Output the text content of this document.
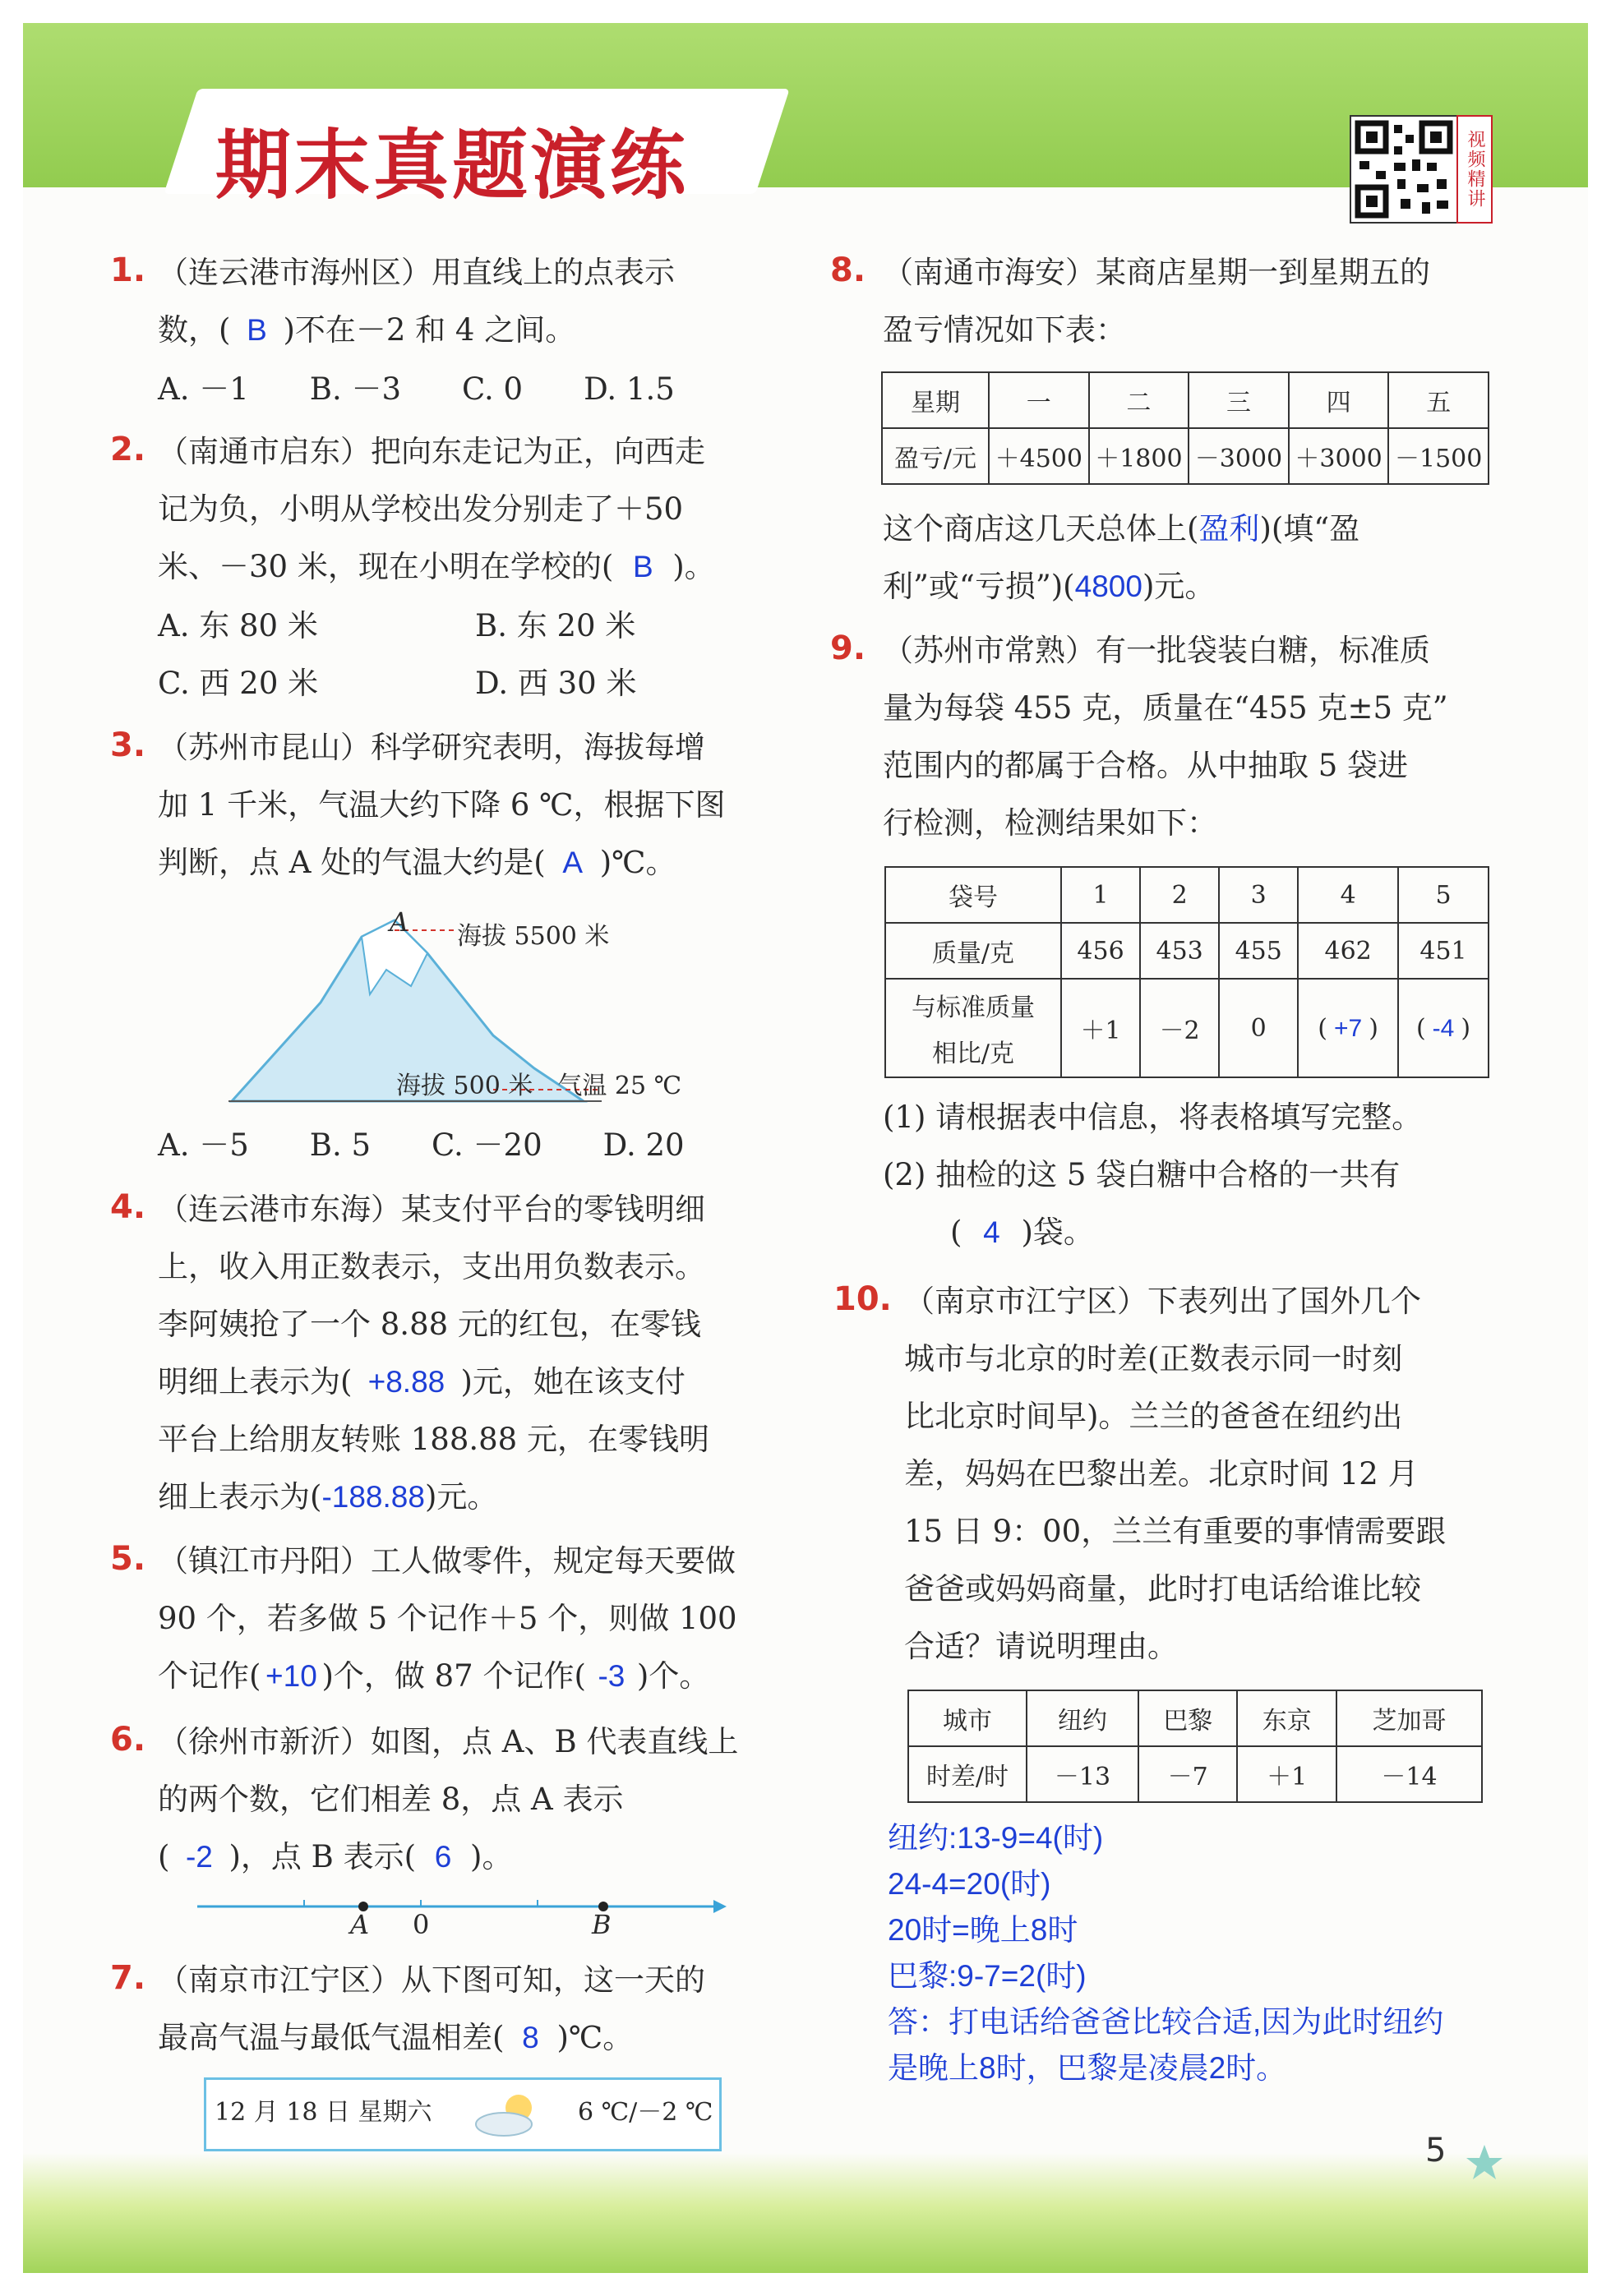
期末真题演练	视频精讲
1. （连云港市海州区）用直线上的点表示
数，( B )不在－2 和 4 之间。
A. －1　　B. －3　　C. 0　　D. 1.5
2. （南通市启东）把向东走记为正，向西走
记为负，小明从学校出发分别走了＋50
米、－30 米，现在小明在学校的( B )。
A. 东 80 米	B. 东 20 米
C. 西 20 米	D. 西 30 米
3. （苏州市昆山）科学研究表明，海拔每增
加 1 千米，气温大约下降 6 ℃，根据下图
判断，点 A 处的气温大约是( A )℃。
A 海拔 5500 米
海拔 500 米　气温 25 ℃
A. －5　　B. 5　　C. －20　　D. 20
4. （连云港市东海）某支付平台的零钱明细
上，收入用正数表示，支出用负数表示。
李阿姨抢了一个 8.88 元的红包，在零钱
明细上表示为( +8.88 )元，她在该支付
平台上给朋友转账 188.88 元，在零钱明
细上表示为(-188.88)元。
5. （镇江市丹阳）工人做零件，规定每天要做
90 个，若多做 5 个记作＋5 个，则做 100
个记作( +10 )个，做 87 个记作( -3 )个。
6. （徐州市新沂）如图，点 A、B 代表直线上
的两个数，它们相差 8，点 A 表示
( -2 )，点 B 表示( 6 )。
A 0	B
7. （南京市江宁区）从下图可知，这一天的
最高气温与最低气温相差( 8 )℃。
12 月 18 日 星期六	6 ℃/－2 ℃
8. （南通市海安）某商店星期一到星期五的
盈亏情况如下表：
星期	一	二	三	四	五
盈亏/元	＋4500	＋1800	－3000	＋3000	－1500
这个商店这几天总体上(盈利)(填“盈
利”或“亏损”)(4800)元。
9. （苏州市常熟）有一批袋装白糖，标准质
量为每袋 455 克，质量在“455 克±5 克”
范围内的都属于合格。从中抽取 5 袋进
行检测，检测结果如下：
袋号	1	2	3	4	5
质量/克	456	453	455	462	451

与标准质量
相比/克	＋1	－2	0	( +7 )	( -4 )
(1) 请根据表中信息，将表格填写完整。
(2) 抽检的这 5 袋白糖中合格的一共有
( 4 )袋。
10. （南京市江宁区）下表列出了国外几个
城市与北京的时差(正数表示同一时刻
比北京时间早)。兰兰的爸爸在纽约出
差，妈妈在巴黎出差。北京时间 12 月
15 日 9：00，兰兰有重要的事情需要跟
爸爸或妈妈商量，此时打电话给谁比较
合适？请说明理由。
城市	纽约	巴黎	东京	芝加哥
时差/时	－13	－7	＋1	－14
纽约:13-9=4(时)
24-4=20(时)
20时=晚上8时
巴黎:9-7=2(时)
答：打电话给爸爸比较合适,因为此时纽约
是晚上8时，巴黎是凌晨2时。
5
